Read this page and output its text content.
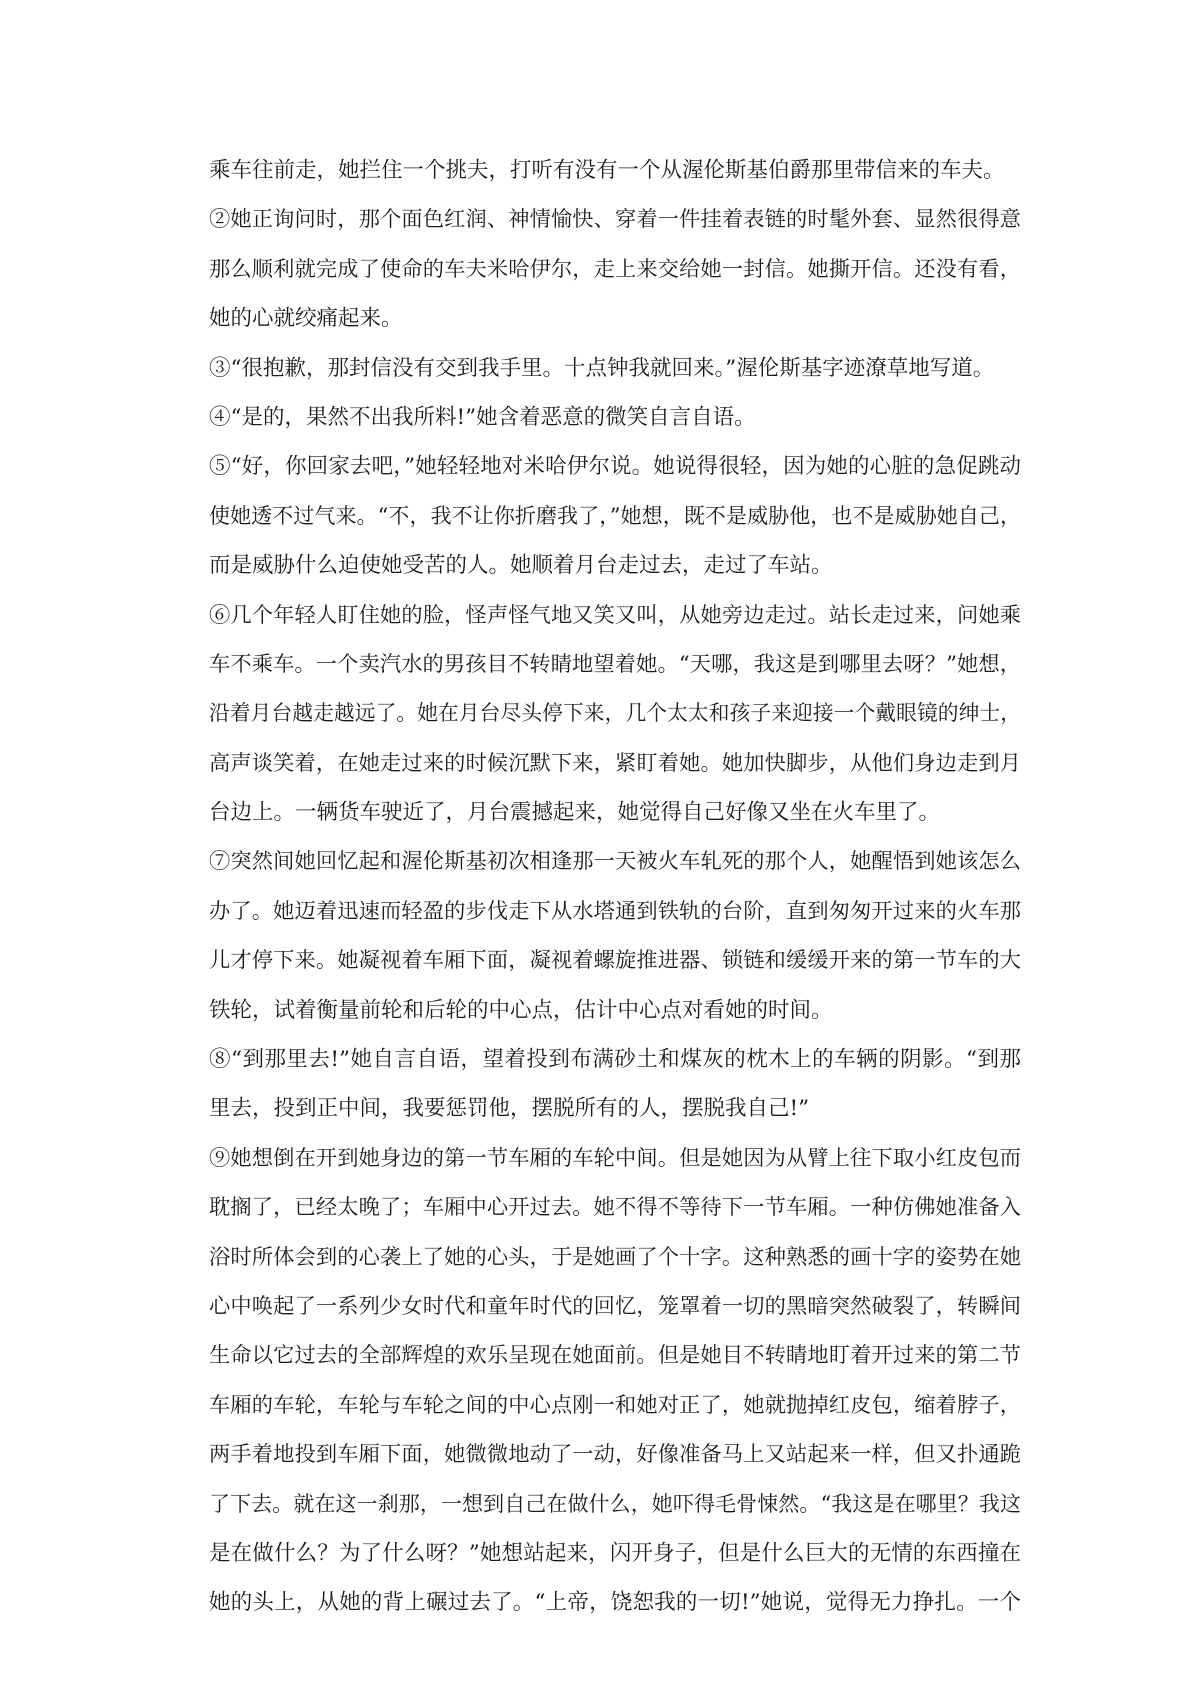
乘车往前走，她拦住一个挑夫，打听有没有一个从渥伦斯基伯爵那里带信来的车夫。
②她正询问时，那个面色红润、神情愉快、穿着一件挂着表链的时髦外套、显然很得意
那么顺利就完成了使命的车夫米哈伊尔，走上来交给她一封信。她撕开信。还没有看，
她的心就绞痛起来。
③“很抱歉，那封信没有交到我手里。十点钟我就回来。”渥伦斯基字迹潦草地写道。
④“是的，果然不出我所料!”她含着恶意的微笑自言自语。
⑤“好，你回家去吧，”她轻轻地对米哈伊尔说。她说得很轻，因为她的心脏的急促跳动
使她透不过气来。“不，我不让你折磨我了，”她想，既不是威胁他，也不是威胁她自己，
而是威胁什么迫使她受苦的人。她顺着月台走过去，走过了车站。
⑥几个年轻人盯住她的脸，怪声怪气地又笑又叫，从她旁边走过。站长走过来，问她乘
车不乘车。一个卖汽水的男孩目不转睛地望着她。“天哪，我这是到哪里去呀？”她想，
沿着月台越走越远了。她在月台尽头停下来，几个太太和孩子来迎接一个戴眼镜的绅士，
高声谈笑着，在她走过来的时候沉默下来，紧盯着她。她加快脚步，从他们身边走到月
台边上。一辆货车驶近了，月台震撼起来，她觉得自己好像又坐在火车里了。
⑦突然间她回忆起和渥伦斯基初次相逢那一天被火车轧死的那个人，她醒悟到她该怎么
办了。她迈着迅速而轻盈的步伐走下从水塔通到铁轨的台阶，直到匆匆开过来的火车那
儿才停下来。她凝视着车厢下面，凝视着螺旋推进器、锁链和缓缓开来的第一节车的大
铁轮，试着衡量前轮和后轮的中心点，估计中心点对看她的时间。
⑧“到那里去!”她自言自语，望着投到布满砂土和煤灰的枕木上的车辆的阴影。“到那
里去，投到正中间，我要惩罚他，摆脱所有的人，摆脱我自己!”
⑨她想倒在开到她身边的第一节车厢的车轮中间。但是她因为从臂上往下取小红皮包而
耽搁了，已经太晚了；车厢中心开过去。她不得不等待下一节车厢。一种仿佛她准备入
浴时所体会到的心袭上了她的心头，于是她画了个十字。这种熟悉的画十字的姿势在她
心中唤起了一系列少女时代和童年时代的回忆，笼罩着一切的黑暗突然破裂了，转瞬间
生命以它过去的全部辉煌的欢乐呈现在她面前。但是她目不转睛地盯着开过来的第二节
车厢的车轮，车轮与车轮之间的中心点刚一和她对正了，她就抛掉红皮包，缩着脖子，
两手着地投到车厢下面，她微微地动了一动，好像准备马上又站起来一样，但又扑通跪
了下去。就在这一刹那，一想到自己在做什么，她吓得毛骨悚然。“我这是在哪里？我这
是在做什么？为了什么呀？”她想站起来，闪开身子，但是什么巨大的无情的东西撞在
她的头上，从她的背上碾过去了。“上帝，饶恕我的一切!”她说，觉得无力挣扎。一个
